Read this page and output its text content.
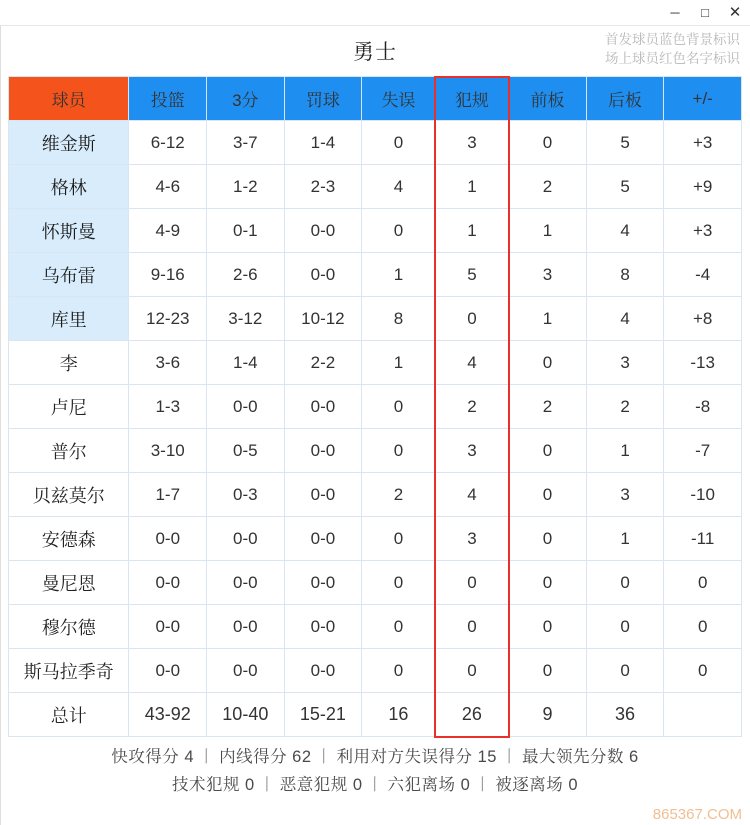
─	□	✕
勇士
首发球员蓝色背景标识
场上球员红色名字标识
球员	投篮	3分	罚球	失误	犯规	前板	后板	+/-
维金斯	6-12	3-7	1-4	0	3	0	5	+3
格林	4-6	1-2	2-3	4	1	2	5	+9
怀斯曼	4-9	0-1	0-0	0	1	1	4	+3
乌布雷	9-16	2-6	0-0	1	5	3	8	-4
库里	12-23	3-12	10-12	8	0	1	4	+8
李	3-6	1-4	2-2	1	4	0	3	-13
卢尼	1-3	0-0	0-0	0	2	2	2	-8
普尔	3-10	0-5	0-0	0	3	0	1	-7
贝兹莫尔	1-7	0-3	0-0	2	4	0	3	-10
安德森	0-0	0-0	0-0	0	3	0	1	-11
曼尼恩	0-0	0-0	0-0	0	0	0	0	0
穆尔德	0-0	0-0	0-0	0	0	0	0	0
斯马拉季奇	0-0	0-0	0-0	0	0	0	0	0
总计	43-92	10-40	15-21	16	26	9	36	
快攻得分 4 丨 内线得分 62 丨 利用对方失误得分 15 丨 最大领先分数 6
技术犯规 0 丨 恶意犯规 0 丨 六犯离场 0 丨 被逐离场 0
865367.COM
